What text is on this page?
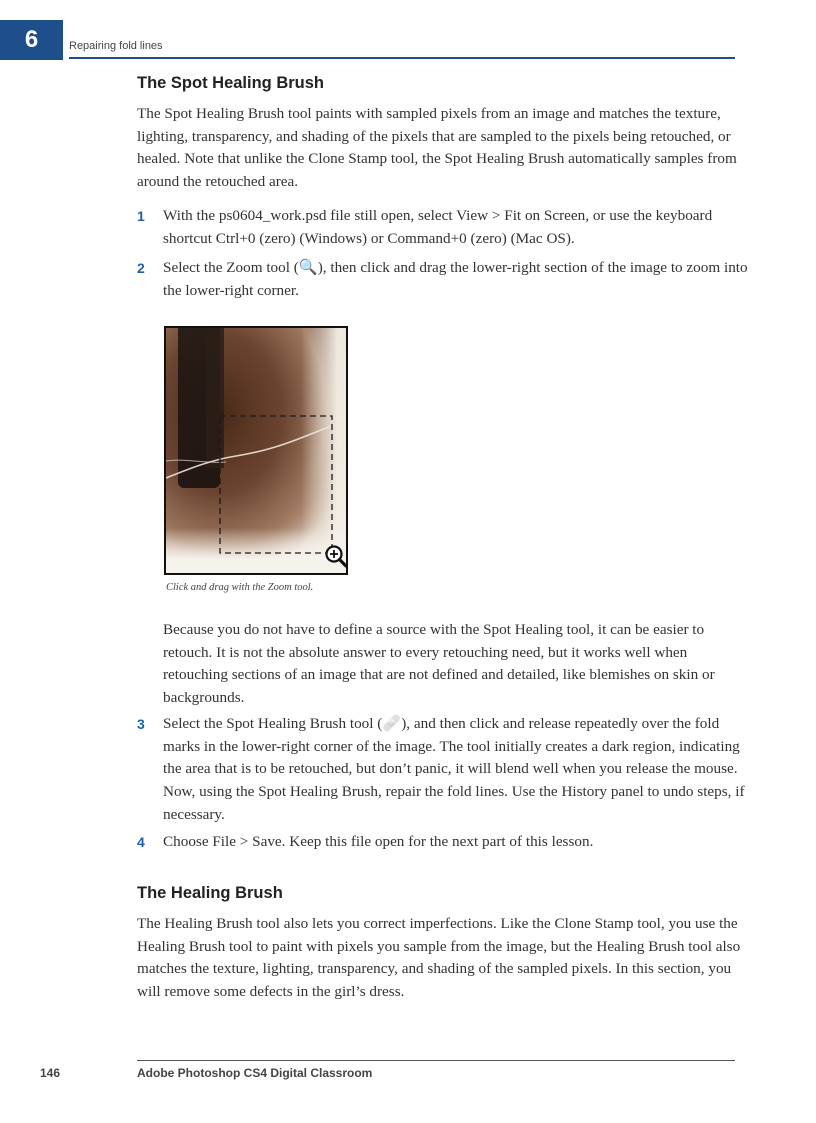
6	Repairing fold lines
The Spot Healing Brush

The Spot Healing Brush tool paints with sampled pixels from an image and matches the texture, lighting, transparency, and shading of the pixels that are sampled to the pixels being retouched, or healed. Note that unlike the Clone Stamp tool, the Spot Healing Brush automatically samples from around the retouched area.

1 With the ps0604_work.psd file still open, select View > Fit on Screen, or use the keyboard shortcut Ctrl+0 (zero) (Windows) or Command+0 (zero) (Mac OS).
2 Select the Zoom tool (🔍), then click and drag the lower-right section of the image to zoom into the lower-right corner.
Click and drag with the Zoom tool.

Because you do not have to define a source with the Spot Healing tool, it can be easier to retouch. It is not the absolute answer to every retouching need, but it works well when retouching sections of an image that are not defined and detailed, like blemishes on skin or backgrounds.

3 Select the Spot Healing Brush tool (🩹), and then click and release repeatedly over the fold marks in the lower-right corner of the image. The tool initially creates a dark region, indicating the area that is to be retouched, but don’t panic, it will blend well when you release the mouse. Now, using the Spot Healing Brush, repair the fold lines. Use the History panel to undo steps, if necessary.
4 Choose File > Save. Keep this file open for the next part of this lesson.
The Healing Brush

The Healing Brush tool also lets you correct imperfections. Like the Clone Stamp tool, you use the Healing Brush tool to paint with pixels you sample from the image, but the Healing Brush tool also matches the texture, lighting, transparency, and shading of the sampled pixels. In this section, you will remove some defects in the girl’s dress.

146	Adobe Photoshop CS4 Digital Classroom
